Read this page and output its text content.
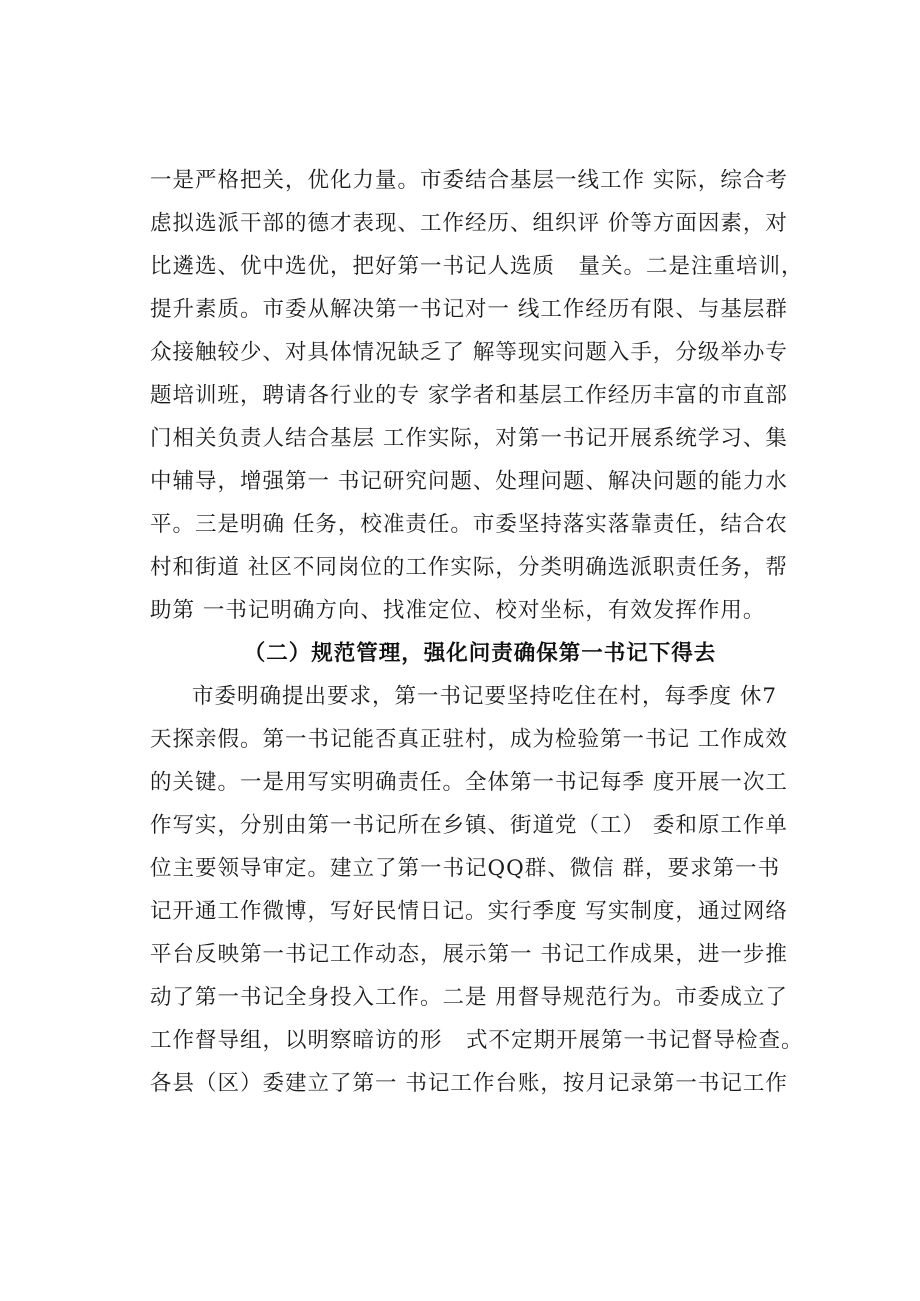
一是严格把关，优化力量。市委结合基层一线工作 实际，综合考
虑拟选派干部的德才表现、工作经历、组织评 价等方面因素，对
比遴选、优中选优，把好第一书记人选质   量关。二是注重培训，
提升素质。市委从解决第一书记对一 线工作经历有限、与基层群
众接触较少、对具体情况缺乏了 解等现实问题入手，分级举办专
题培训班，聘请各行业的专 家学者和基层工作经历丰富的市直部
门相关负责人结合基层 工作实际，对第一书记开展系统学习、集
中辅导，增强第一 书记研究问题、处理问题、解决问题的能力水
平。三是明确 任务，校准责任。市委坚持落实落靠责任，结合农
村和街道 社区不同岗位的工作实际，分类明确选派职责任务，帮
助第 一书记明确方向、找准定位、校对坐标，有效发挥作用。
（二）规范管理，强化问责确保第一书记下得去
市委明确提出要求，第一书记要坚持吃住在村，每季度 休7
天探亲假。第一书记能否真正驻村，成为检验第一书记 工作成效
的关键。一是用写实明确责任。全体第一书记每季 度开展一次工
作写实，分别由第一书记所在乡镇、街道党（工） 委和原工作单
位主要领导审定。建立了第一书记QQ群、微信 群，要求第一书
记开通工作微博，写好民情日记。实行季度 写实制度，通过网络
平台反映第一书记工作动态，展示第一 书记工作成果，进一步推
动了第一书记全身投入工作。二是 用督导规范行为。市委成立了
工作督导组，以明察暗访的形   式不定期开展第一书记督导检查。
各县（区）委建立了第一 书记工作台账，按月记录第一书记工作
